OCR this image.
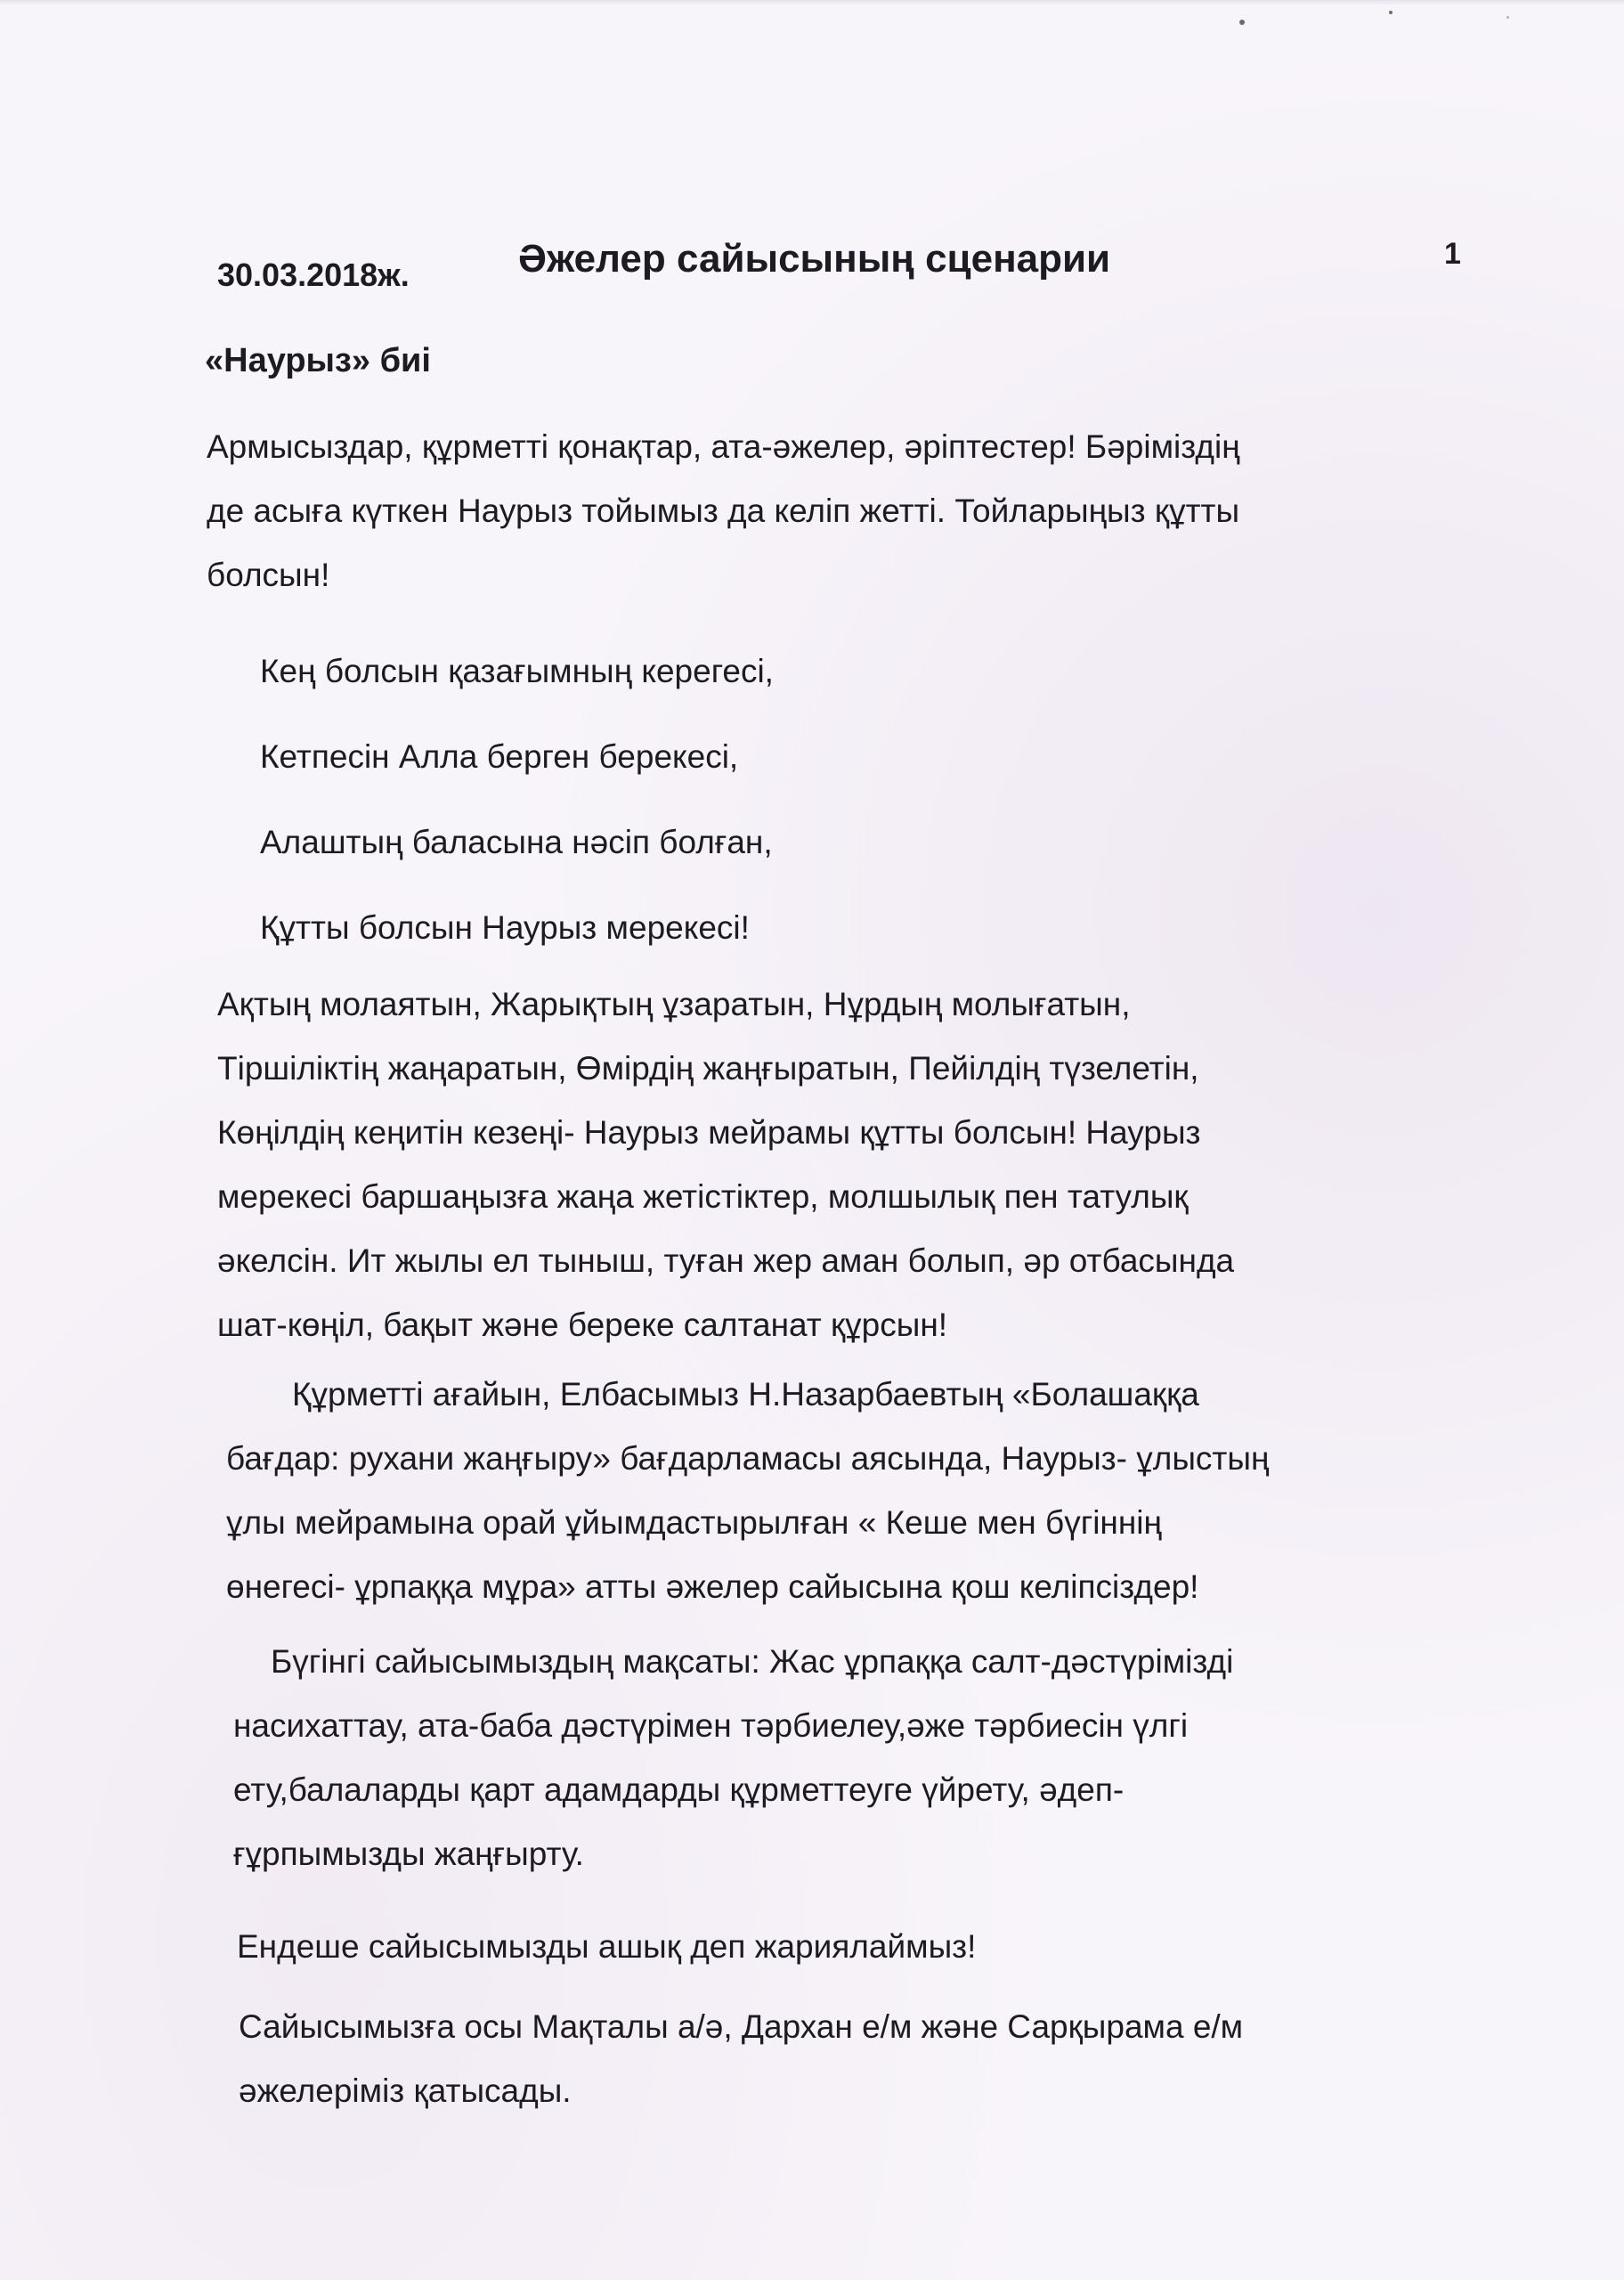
30.03.2018ж.	Әжелер сайысының сценарии	1
«Наурыз» биі
Армысыздар, құрметті қонақтар, ата-әжелер, әріптестер! Бәріміздің
де асыға күткен Наурыз тойымыз да келіп жетті. Тойларыңыз құтты
болсын!
Кең болсын қазағымның керегесі,
Кетпесін Алла берген берекесі,
Алаштың баласына нәсіп болған,
Құтты болсын Наурыз мерекесі!
Ақтың молаятын, Жарықтың ұзаратын, Нұрдың молығатын,
Тіршіліктің жаңаратын, Өмірдің жаңғыратын, Пейілдің түзелетін,
Көңілдің кеңитін кезеңі- Наурыз мейрамы құтты болсын! Наурыз
мерекесі баршаңызға жаңа жетістіктер, молшылық пен татулық
әкелсін. Ит жылы ел тыныш, туған жер аман болып, әр отбасында
шат-көңіл, бақыт және береке салтанат құрсын!
Құрметті ағайын, Елбасымыз Н.Назарбаевтың «Болашаққа
бағдар: рухани жаңғыру» бағдарламасы аясында, Наурыз- ұлыстың
ұлы мейрамына орай ұйымдастырылған « Кеше мен бүгіннің
өнегесі- ұрпаққа мұра» атты әжелер сайысына қош келіпсіздер!
Бүгінгі сайысымыздың мақсаты: Жас ұрпаққа салт-дәстүрімізді
насихаттау, ата-баба дәстүрімен тәрбиелеу,әже тәрбиесін үлгі
ету,балаларды қарт адамдарды құрметтеуге үйрету, әдеп-
ғұрпымызды жаңғырту.
Ендеше сайысымызды ашық деп жариялаймыз!
Сайысымызға осы Мақталы а/ә, Дархан е/м және Сарқырама е/м
әжелеріміз қатысады.
